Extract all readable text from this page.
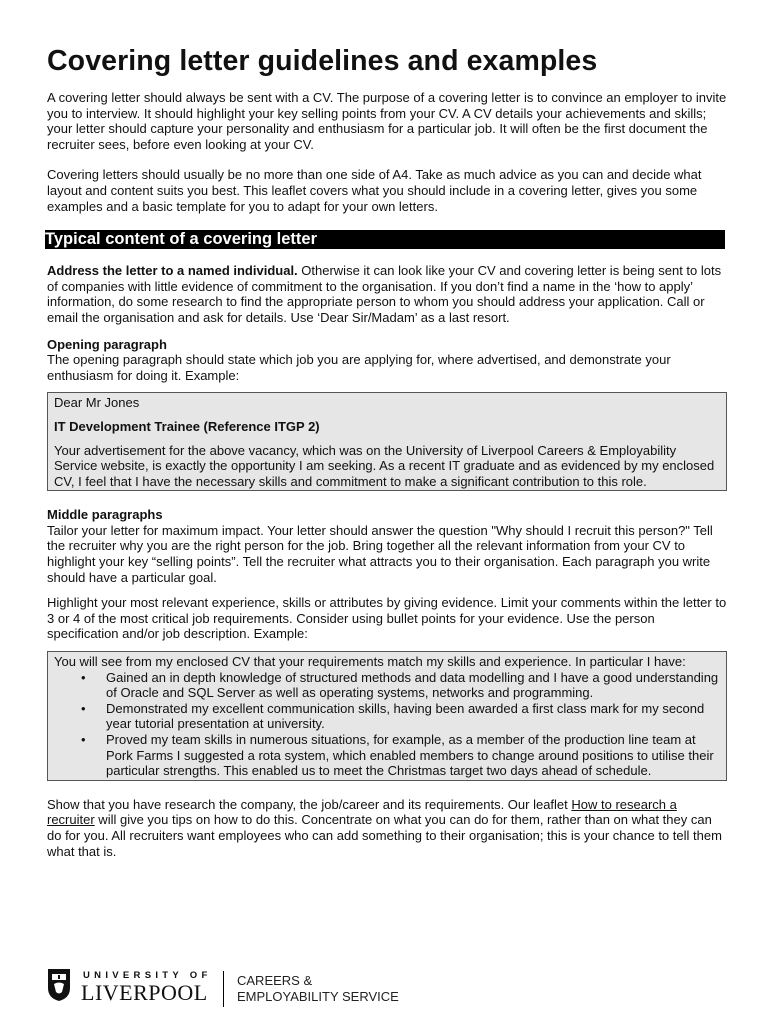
Covering letter guidelines and examples

A covering letter should always be sent with a CV. The purpose of a covering letter is to convince an employer to invite you to interview. It should highlight your key selling points from your CV. A CV details your achievements and skills; your letter should capture your personality and enthusiasm for a particular job. It will often be the first document the recruiter sees, before even looking at your CV.

Covering letters should usually be no more than one side of A4. Take as much advice as you can and decide what layout and content suits you best. This leaflet covers what you should include in a covering letter, gives you some examples and a basic template for you to adapt for your own letters.

Typical content of a covering letter

Address the letter to a named individual. Otherwise it can look like your CV and covering letter is being sent to lots of companies with little evidence of commitment to the organisation. If you don’t find a name in the ‘how to apply’ information, do some research to find the appropriate person to whom you should address your application. Call or email the organisation and ask for details. Use ‘Dear Sir/Madam’ as a last resort.

Opening paragraph

The opening paragraph should state which job you are applying for, where advertised, and demonstrate your enthusiasm for doing it. Example:

Dear Mr Jones

IT Development Trainee (Reference ITGP 2)

Your advertisement for the above vacancy, which was on the University of Liverpool Careers & Employability Service website, is exactly the opportunity I am seeking. As a recent IT graduate and as evidenced by my enclosed CV, I feel that I have the necessary skills and commitment to make a significant contribution to this role.

Middle paragraphs

Tailor your letter for maximum impact. Your letter should answer the question "Why should I recruit this person?" Tell the recruiter why you are the right person for the job. Bring together all the relevant information from your CV to highlight your key “selling points”. Tell the recruiter what attracts you to their organisation. Each paragraph you write should have a particular goal.

Highlight your most relevant experience, skills or attributes by giving evidence. Limit your comments within the letter to 3 or 4 of the most critical job requirements. Consider using bullet points for your evidence. Use the person specification and/or job description. Example:

You will see from my enclosed CV that your requirements match my skills and experience. In particular I have:

• Gained an in depth knowledge of structured methods and data modelling and I have a good understanding of Oracle and SQL Server as well as operating systems, networks and programming.
• Demonstrated my excellent communication skills, having been awarded a first class mark for my second year tutorial presentation at university.
• Proved my team skills in numerous situations, for example, as a member of the production line team at Pork Farms I suggested a rota system, which enabled members to change around positions to utilise their particular strengths. This enabled us to meet the Christmas target two days ahead of schedule.

Show that you have research the company, the job/career and its requirements. Our leaflet How to research a recruiter will give you tips on how to do this. Concentrate on what you can do for them, rather than on what they can do for you. All recruiters want employees who can add something to their organisation; this is your chance to tell them what that is.

UNIVERSITY OF
LIVERPOOL CAREERS &
EMPLOYABILITY SERVICE
